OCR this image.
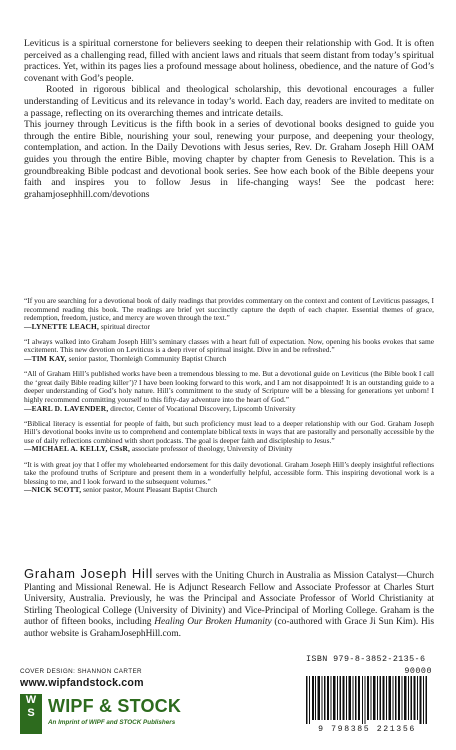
Leviticus is a spiritual cornerstone for believers seeking to deepen their relationship with God. It is often perceived as a challenging read, filled with ancient laws and rituals that seem distant from today’s spiritual practices. Yet, within its pages lies a profound message about holiness, obedience, and the nature of God’s covenant with God’s people.

Rooted in rigorous biblical and theological scholarship, this devotional encourages a fuller understanding of Leviticus and its relevance in today’s world. Each day, readers are invited to meditate on a passage, reflecting on its overarching themes and intricate details.

This journey through Leviticus is the fifth book in a series of devotional books designed to guide you through the entire Bible, nourishing your soul, renewing your purpose, and deepening your theology, contemplation, and action. In the Daily Devotions with Jesus series, Rev. Dr. Graham Joseph Hill OAM guides you through the entire Bible, moving chapter by chapter from Genesis to Revelation. This is a groundbreaking Bible podcast and devotional book series. See how each book of the Bible deepens your faith and inspires you to follow Jesus in life-changing ways! See the podcast here: grahamjosephhill.com/devotions

“If you are searching for a devotional book of daily readings that provides commentary on the context and content of Leviticus passages, I recommend reading this book. The readings are brief yet succinctly capture the depth of each chapter. Essential themes of grace, redemption, freedom, justice, and mercy are woven through the text.”
—LYNETTE LEACH, spiritual director
“I always walked into Graham Joseph Hill’s seminary classes with a heart full of expectation. Now, opening his books evokes that same excitement. This new devotion on Leviticus is a deep river of spiritual insight. Dive in and be refreshed.”
—TIM KAY, senior pastor, Thornleigh Community Baptist Church
“All of Graham Hill’s published works have been a tremendous blessing to me. But a devotional guide on Leviticus (the Bible book I call the ‘great daily Bible reading killer’)? I have been looking forward to this work, and I am not disappointed! It is an outstanding guide to a deeper understanding of God’s holy nature. Hill’s commitment to the study of Scripture will be a blessing for generations yet unborn! I highly recommend committing yourself to this fifty-day adventure into the heart of God.”
—EARL D. LAVENDER, director, Center of Vocational Discovery, Lipscomb University
“Biblical literacy is essential for people of faith, but such proficiency must lead to a deeper relationship with our God. Graham Joseph Hill’s devotional books invite us to comprehend and contemplate biblical texts in ways that are pastorally and personally accessible by the use of daily reflections combined with short podcasts. The goal is deeper faith and discipleship to Jesus.”
—MICHAEL A. KELLY, CSsR, associate professor of theology, University of Divinity
“It is with great joy that I offer my wholehearted endorsement for this daily devotional. Graham Joseph Hill’s deeply insightful reflections take the profound truths of Scripture and present them in a wonderfully helpful, accessible form. This inspiring devotional work is a blessing to me, and I look forward to the subsequent volumes.”
—NICK SCOTT, senior pastor, Mount Pleasant Baptist Church
Graham Joseph Hill serves with the Uniting Church in Australia as Mission Catalyst—Church Planting and Missional Renewal. He is Adjunct Research Fellow and Associate Professor at Charles Sturt University, Australia. Previously, he was the Principal and Associate Professor of World Christianity at Stirling Theological College (University of Divinity) and Vice-Principal of Morling College. Graham is the author of fifteen books, including Healing Our Broken Humanity (co-authored with Grace Ji Sun Kim). His author website is GrahamJosephHill.com.
COVER DESIGN: SHANNON CARTER
www.wipfandstock.com
W
S WIPF & STOCK
An Imprint of WIPF and STOCK Publishers
ISBN 979-8-3852-2135-6
90000
9 798385 221356
